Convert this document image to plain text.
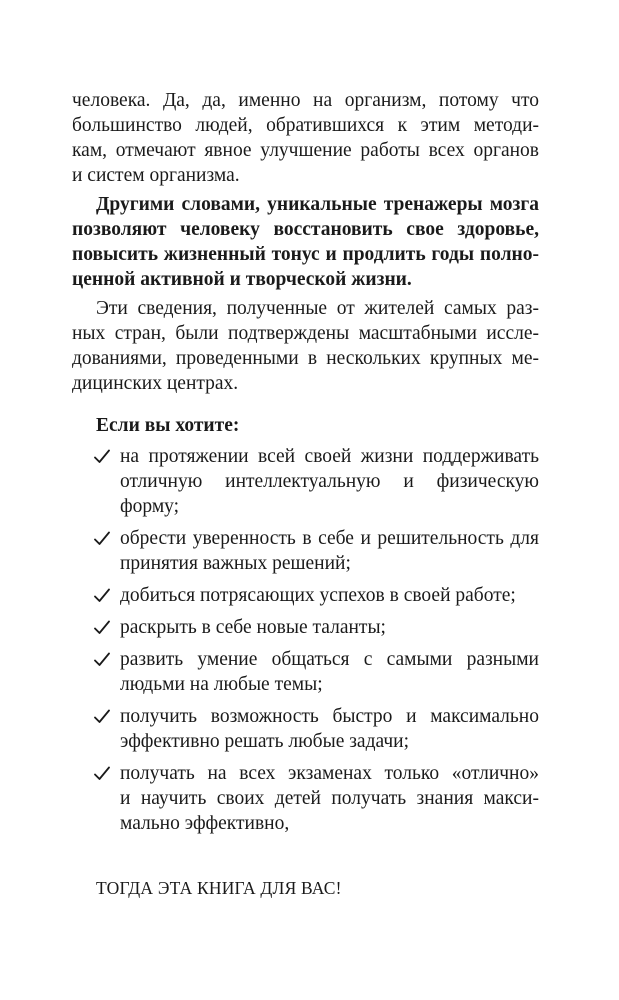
человека. Да, да, именно на организм, потому что
большинство людей, обратившихся к этим методи-
кам, отмечают явное улучшение работы всех органов
и систем организма.

Другими словами, уникальные тренажеры мозга
позволяют человеку восстановить свое здоровье,
повысить жизненный тонус и продлить годы полно-
ценной активной и творческой жизни.

Эти сведения, полученные от жителей самых раз-
ных стран, были подтверждены масштабными иссле-
дованиями, проведенными в нескольких крупных ме-
дицинских центрах.

Если вы хотите:
на протяжении всей своей жизни поддерживать
отличную интеллектуальную и физическую
форму;
обрести уверенность в себе и решительность для
принятия важных решений;
добиться потрясающих успехов в своей работе;
раскрыть в себе новые таланты;
развить умение общаться с самыми разными
людьми на любые темы;
получить возможность быстро и максимально
эффективно решать любые задачи;
получать на всех экзаменах только «отлично»
и научить своих детей получать знания макси-
мально эффективно,
ТОГДА ЭТА КНИГА ДЛЯ ВАС!
